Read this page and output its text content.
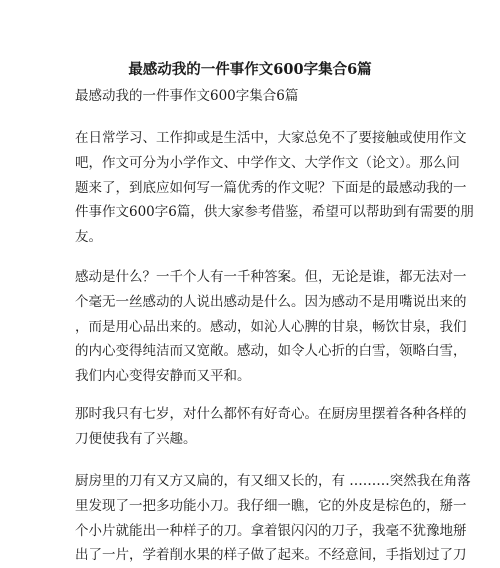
最感动我的一件事作文600字集合6篇
最感动我的一件事作文600字集合6篇
在日常学习、工作抑或是生活中，大家总免不了要接触或使用作文
吧，作文可分为小学作文、中学作文、大学作文（论文）。那么问
题来了，到底应如何写一篇优秀的作文呢？下面是的最感动我的一
件事作文600字6篇，供大家参考借鉴，希望可以帮助到有需要的朋
友。
感动是什么？一千个人有一千种答案。但，无论是谁，都无法对一
个毫无一丝感动的人说出感动是什么。因为感动不是用嘴说出来的
，而是用心品出来的。感动，如沁人心脾的甘泉，畅饮甘泉，我们
的内心变得纯洁而又宽敞。感动，如令人心折的白雪，领略白雪，
我们内心变得安静而又平和。
那时我只有七岁，对什么都怀有好奇心。在厨房里摆着各种各样的
刀便使我有了兴趣。
厨房里的刀有又方又扁的，有又细又长的，有 ………突然我在角落
里发现了一把多功能小刀。我仔细一瞧，它的外皮是棕色的，掰一
个小片就能出一种样子的刀。拿着银闪闪的刀子，我毫不犹豫地掰
出了一片，学着削水果的样子做了起来。不经意间，手指划过了刀
